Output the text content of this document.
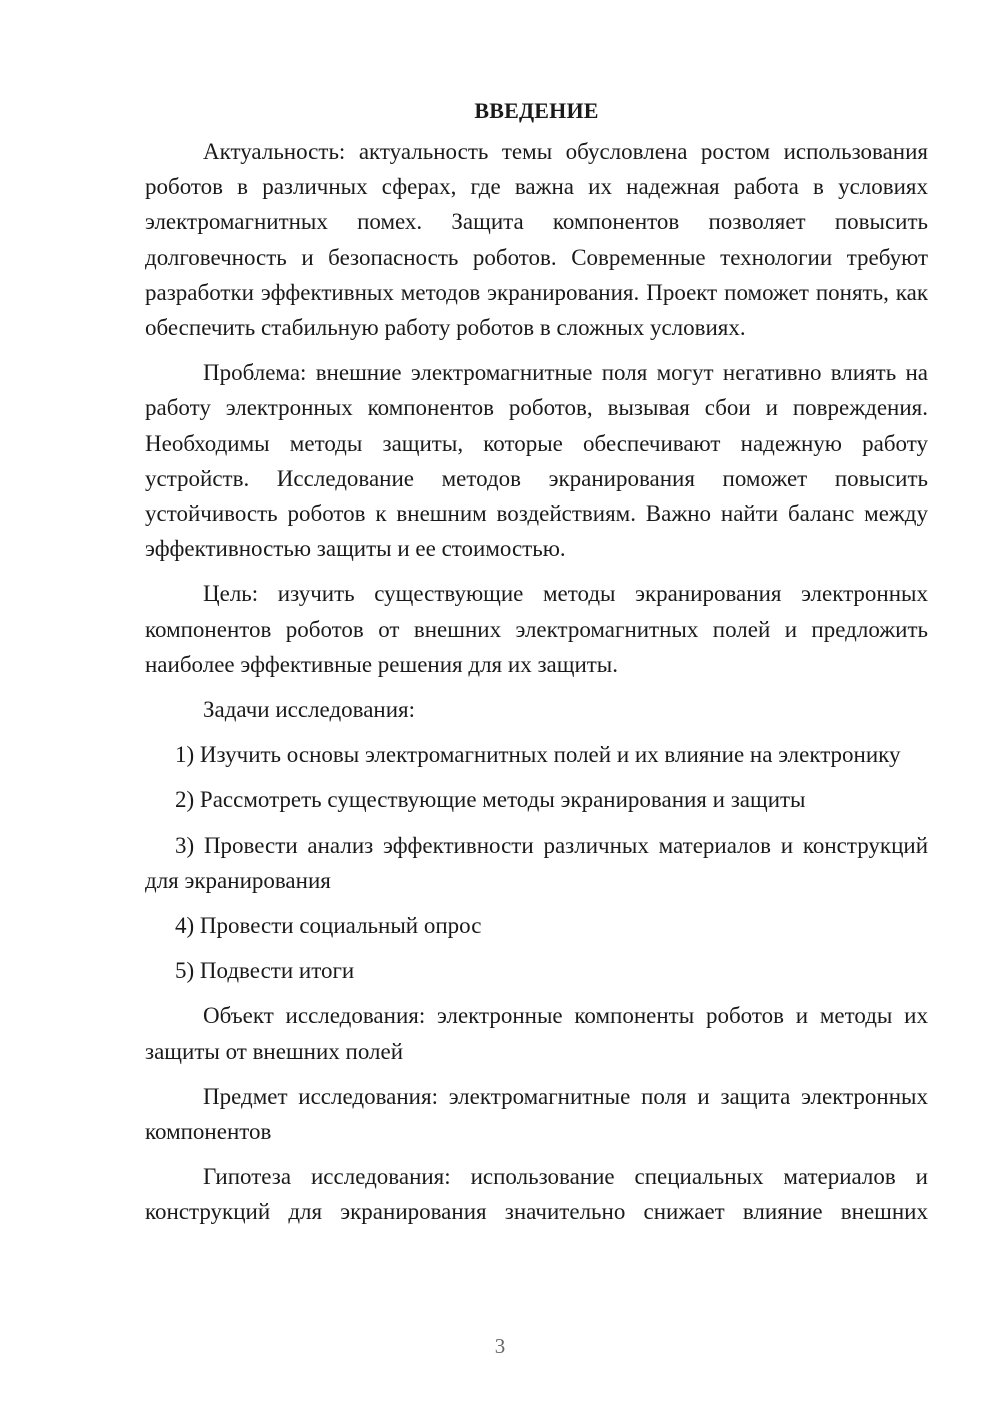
ВВЕДЕНИЕ

Актуальность: актуальность темы обусловлена ростом использования роботов в различных сферах, где важна их надежная работа в условиях электромагнитных помех. Защита компонентов позволяет повысить долговечность и безопасность роботов. Современные технологии требуют разработки эффективных методов экранирования. Проект поможет понять, как обеспечить стабильную работу роботов в сложных условиях.

Проблема: внешние электромагнитные поля могут негативно влиять на работу электронных компонентов роботов, вызывая сбои и повреждения. Необходимы методы защиты, которые обеспечивают надежную работу устройств. Исследование методов экранирования поможет повысить устойчивость роботов к внешним воздействиям. Важно найти баланс между эффективностью защиты и ее стоимостью.

Цель: изучить существующие методы экранирования электронных компонентов роботов от внешних электромагнитных полей и предложить наиболее эффективные решения для их защиты.

Задачи исследования:

1) Изучить основы электромагнитных полей и их влияние на электронику

2) Рассмотреть существующие методы экранирования и защиты

3) Провести анализ эффективности различных материалов и конструкций для экранирования

4) Провести социальный опрос

5) Подвести итоги

Объект исследования: электронные компоненты роботов и методы их защиты от внешних полей

Предмет исследования: электромагнитные поля и защита электронных компонентов

Гипотеза исследования: использование специальных материалов и конструкций для экранирования значительно снижает влияние внешних

3
